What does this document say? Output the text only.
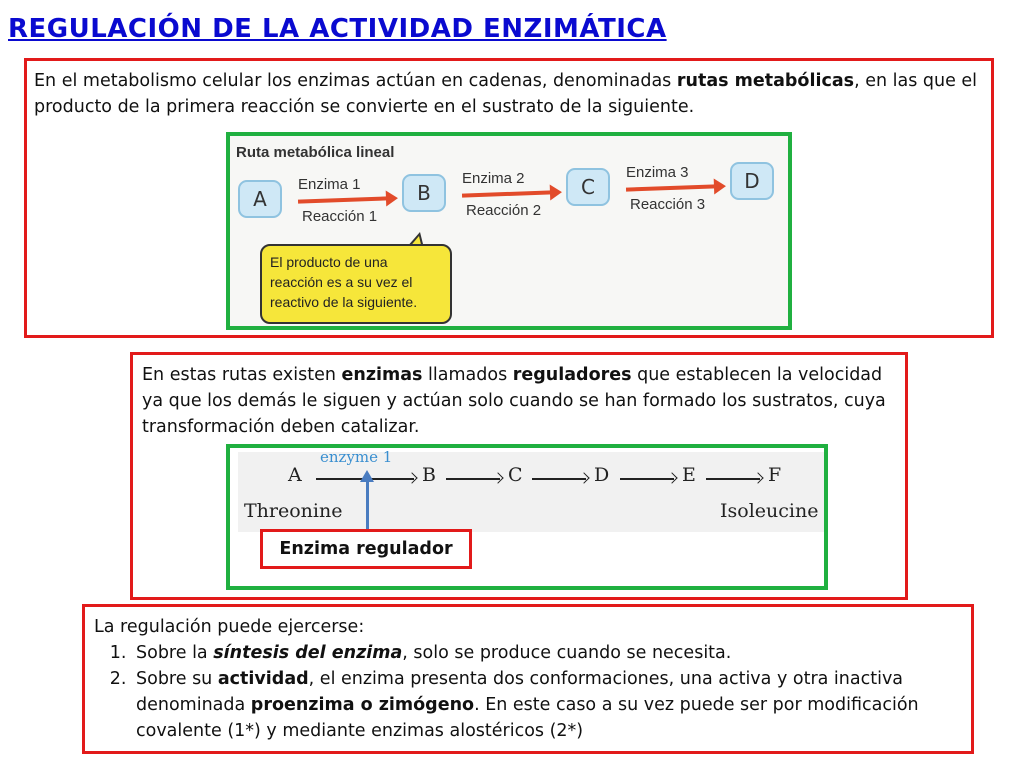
REGULACIÓN DE LA ACTIVIDAD ENZIMÁTICA
En el metabolismo celular los enzimas actúan en cadenas, denominadas rutas metabólicas, en las que el producto de la primera reacción se convierte en el sustrato de la siguiente.
Ruta metabólica lineal
A	B	C	D
Enzima 1
Reacción 1
Enzima 2
Reacción 2
Enzima 3
Reacción 3
El producto de una
reacción es a su vez el
reactivo de la siguiente.
En estas rutas existen enzimas llamados reguladores que establecen la velocidad ya que los demás le siguen y actúan solo cuando se han formado los sustratos, cuya transformación deben catalizar.
A
enzyme 1
B	C	D	E	F
Threonine	Isoleucine
Enzima regulador
La regulación puede ejercerse:
1. Sobre la síntesis del enzima, solo se produce cuando se necesita.
2. Sobre su actividad, el enzima presenta dos conformaciones, una activa y otra inactiva denominada proenzima o zimógeno. En este caso a su vez puede ser por modificación covalente (1*) y mediante enzimas alostéricos (2*)
